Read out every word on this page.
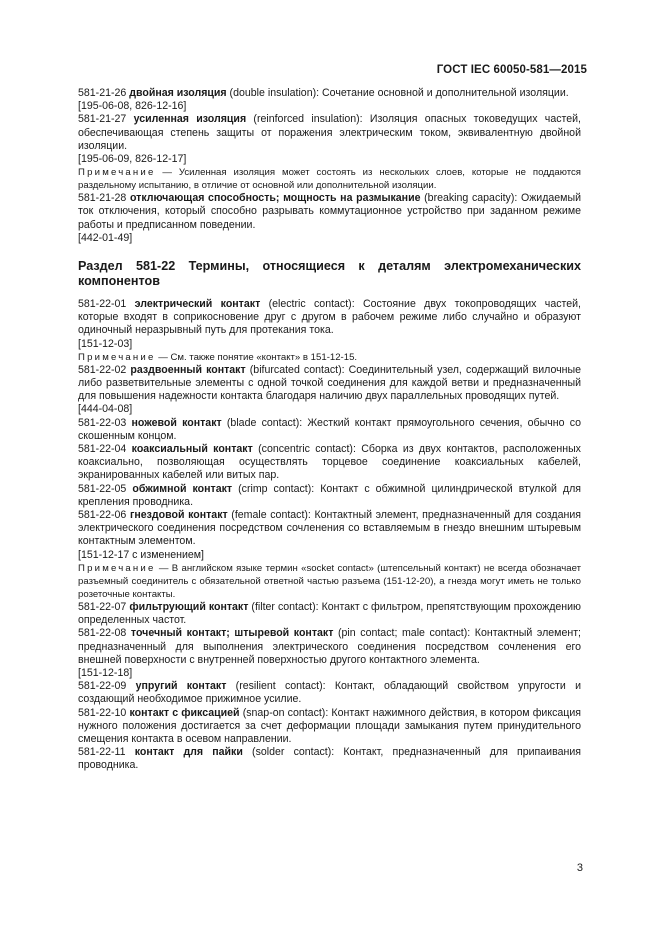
ГОСТ IEC 60050-581—2015

581-21-26 двойная изоляция (double insulation): Сочетание основной и дополнительной изоляции.

[195-06-08, 826-12-16]

581-21-27 усиленная изоляция (reinforced insulation): Изоляция опасных токоведущих частей, обеспечивающая степень защиты от поражения электрическим током, эквивалентную двойной изоляции.

[195-06-09, 826-12-17]

Примечание — Усиленная изоляция может состоять из нескольких слоев, которые не поддаются раздельному испытанию, в отличие от основной или дополнительной изоляции.

581-21-28 отключающая способность; мощность на размыкание (breaking capacity): Ожидаемый ток отключения, который способно разрывать коммутационное устройство при заданном режиме работы и предписанном поведении.

[442-01-49]

Раздел 581-22 Термины, относящиеся к деталям электромеханических компонентов

581-22-01 электрический контакт (electric contact): Состояние двух токопроводящих частей, которые входят в соприкосновение друг с другом в рабочем режиме либо случайно и образуют одиночный неразрывный путь для протекания тока.

[151-12-03]

Примечание — См. также понятие «контакт» в 151-12-15.

581-22-02 раздвоенный контакт (bifurcated contact): Соединительный узел, содержащий вилочные либо разветвительные элементы с одной точкой соединения для каждой ветви и предназначенный для повышения надежности контакта благодаря наличию двух параллельных проводящих путей.

[444-04-08]

581-22-03 ножевой контакт (blade contact): Жесткий контакт прямоугольного сечения, обычно со скошенным концом.

581-22-04 коаксиальный контакт (concentric contact): Сборка из двух контактов, расположенных коаксиально, позволяющая осуществлять торцевое соединение коаксиальных кабелей, экранированных кабелей или витых пар.

581-22-05 обжимной контакт (crimp contact): Контакт с обжимной цилиндрической втулкой для крепления проводника.

581-22-06 гнездовой контакт (female contact): Контактный элемент, предназначенный для создания электрического соединения посредством сочленения со вставляемым в гнездо внешним штыревым контактным элементом.

[151-12-17 с изменением]

Примечание — В английском языке термин «socket contact» (штепсельный контакт) не всегда обозначает разъемный соединитель с обязательной ответной частью разъема (151-12-20), а гнезда могут иметь не только розеточные контакты.

581-22-07 фильтрующий контакт (filter contact): Контакт с фильтром, препятствующим прохождению определенных частот.

581-22-08 точечный контакт; штыревой контакт (pin contact; male contact): Контактный элемент; предназначенный для выполнения электрического соединения посредством сочленения его внешней поверхности с внутренней поверхностью другого контактного элемента.

[151-12-18]

581-22-09 упругий контакт (resilient contact): Контакт, обладающий свойством упругости и создающий необходимое прижимное усилие.

581-22-10 контакт с фиксацией (snap-on contact): Контакт нажимного действия, в котором фиксация нужного положения достигается за счет деформации площади замыкания путем принудительного смещения контакта в осевом направлении.

581-22-11 контакт для пайки (solder contact): Контакт, предназначенный для припаивания проводника.

3
